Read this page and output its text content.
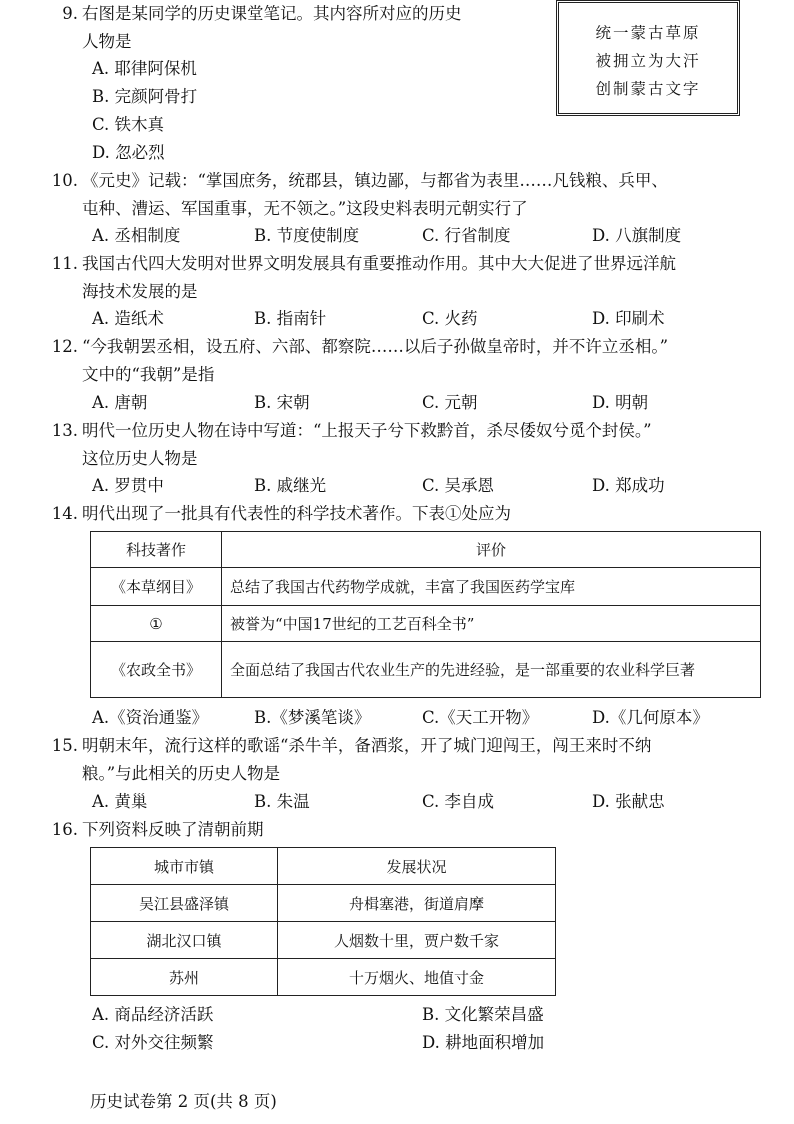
统一蒙古草原
被拥立为大汗
创制蒙古文字
9. 右图是某同学的历史课堂笔记。其内容所对应的历史
人物是
A. 耶律阿保机
B. 完颜阿骨打
C. 铁木真
D. 忽必烈
10. 《元史》记载：“掌国庶务，统郡县，镇边鄙，与都省为表里……凡钱粮、兵甲、
屯种、漕运、军国重事，无不领之。”这段史料表明元朝实行了
A. 丞相制度	B. 节度使制度	C. 行省制度	D. 八旗制度
11. 我国古代四大发明对世界文明发展具有重要推动作用。其中大大促进了世界远洋航
海技术发展的是
A. 造纸术	B. 指南针	C. 火药	D. 印刷术
12. “今我朝罢丞相，设五府、六部、都察院……以后子孙做皇帝时，并不许立丞相。”
文中的“我朝”是指
A. 唐朝	B. 宋朝	C. 元朝	D. 明朝
13. 明代一位历史人物在诗中写道：“上报天子兮下救黔首，杀尽倭奴兮觅个封侯。”
这位历史人物是
A. 罗贯中	B. 戚继光	C. 吴承恩	D. 郑成功
14. 明代出现了一批具有代表性的科学技术著作。下表①处应为
科技著作	评价
《本草纲目》	总结了我国古代药物学成就，丰富了我国医药学宝库
①	被誉为“中国17世纪的工艺百科全书”
《农政全书》	全面总结了我国古代农业生产的先进经验，是一部重要的农业科学巨著
A.《资治通鉴》	B.《梦溪笔谈》	C.《天工开物》	D.《几何原本》
15. 明朝末年，流行这样的歌谣“杀牛羊，备酒浆，开了城门迎闯王，闯王来时不纳
粮。”与此相关的历史人物是
A. 黄巢	B. 朱温	C. 李自成	D. 张献忠
16. 下列资料反映了清朝前期
城市市镇	发展状况
吴江县盛泽镇	舟楫塞港，街道肩摩
湖北汉口镇	人烟数十里，贾户数千家
苏州	十万烟火、地值寸金
A. 商品经济活跃	B. 文化繁荣昌盛
C. 对外交往频繁	D. 耕地面积增加
历史试卷第 2 页(共 8 页)
